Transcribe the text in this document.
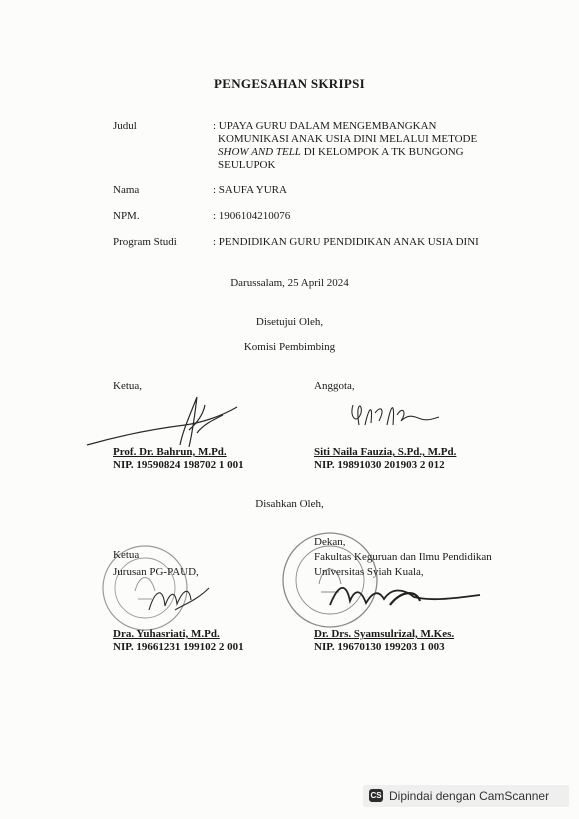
PENGESAHAN SKRIPSI
Judul	: UPAYA GURU DALAM MENGEMBANGKAN
KOMUNIKASI ANAK USIA DINI MELALUI METODE
SHOW AND TELL DI KELOMPOK A TK BUNGONG
SEULUPOK
Nama	: SAUFA YURA
NPM.	: 1906104210076
Program Studi	: PENDIDIKAN GURU PENDIDIKAN ANAK USIA DINI
Darussalam, 25 April 2024
Disetujui Oleh,
Komisi Pembimbing
Ketua,
Prof. Dr. Bahrun, M.Pd.
NIP. 19590824 198702 1 001
Anggota,
Siti Naila Fauzia, S.Pd., M.Pd.
NIP. 19891030 201903 2 012
Disahkan Oleh,
Ketua
Jurusan PG-PAUD,
Dra. Yuhasriati, M.Pd.
NIP. 19661231 199102 2 001
Dekan,
Fakultas Keguruan dan Ilmu Pendidikan
Universitas Syiah Kuala,
Dr. Drs. Syamsulrizal, M.Kes.
NIP. 19670130 199203 1 003
CS Dipindai dengan CamScanner
